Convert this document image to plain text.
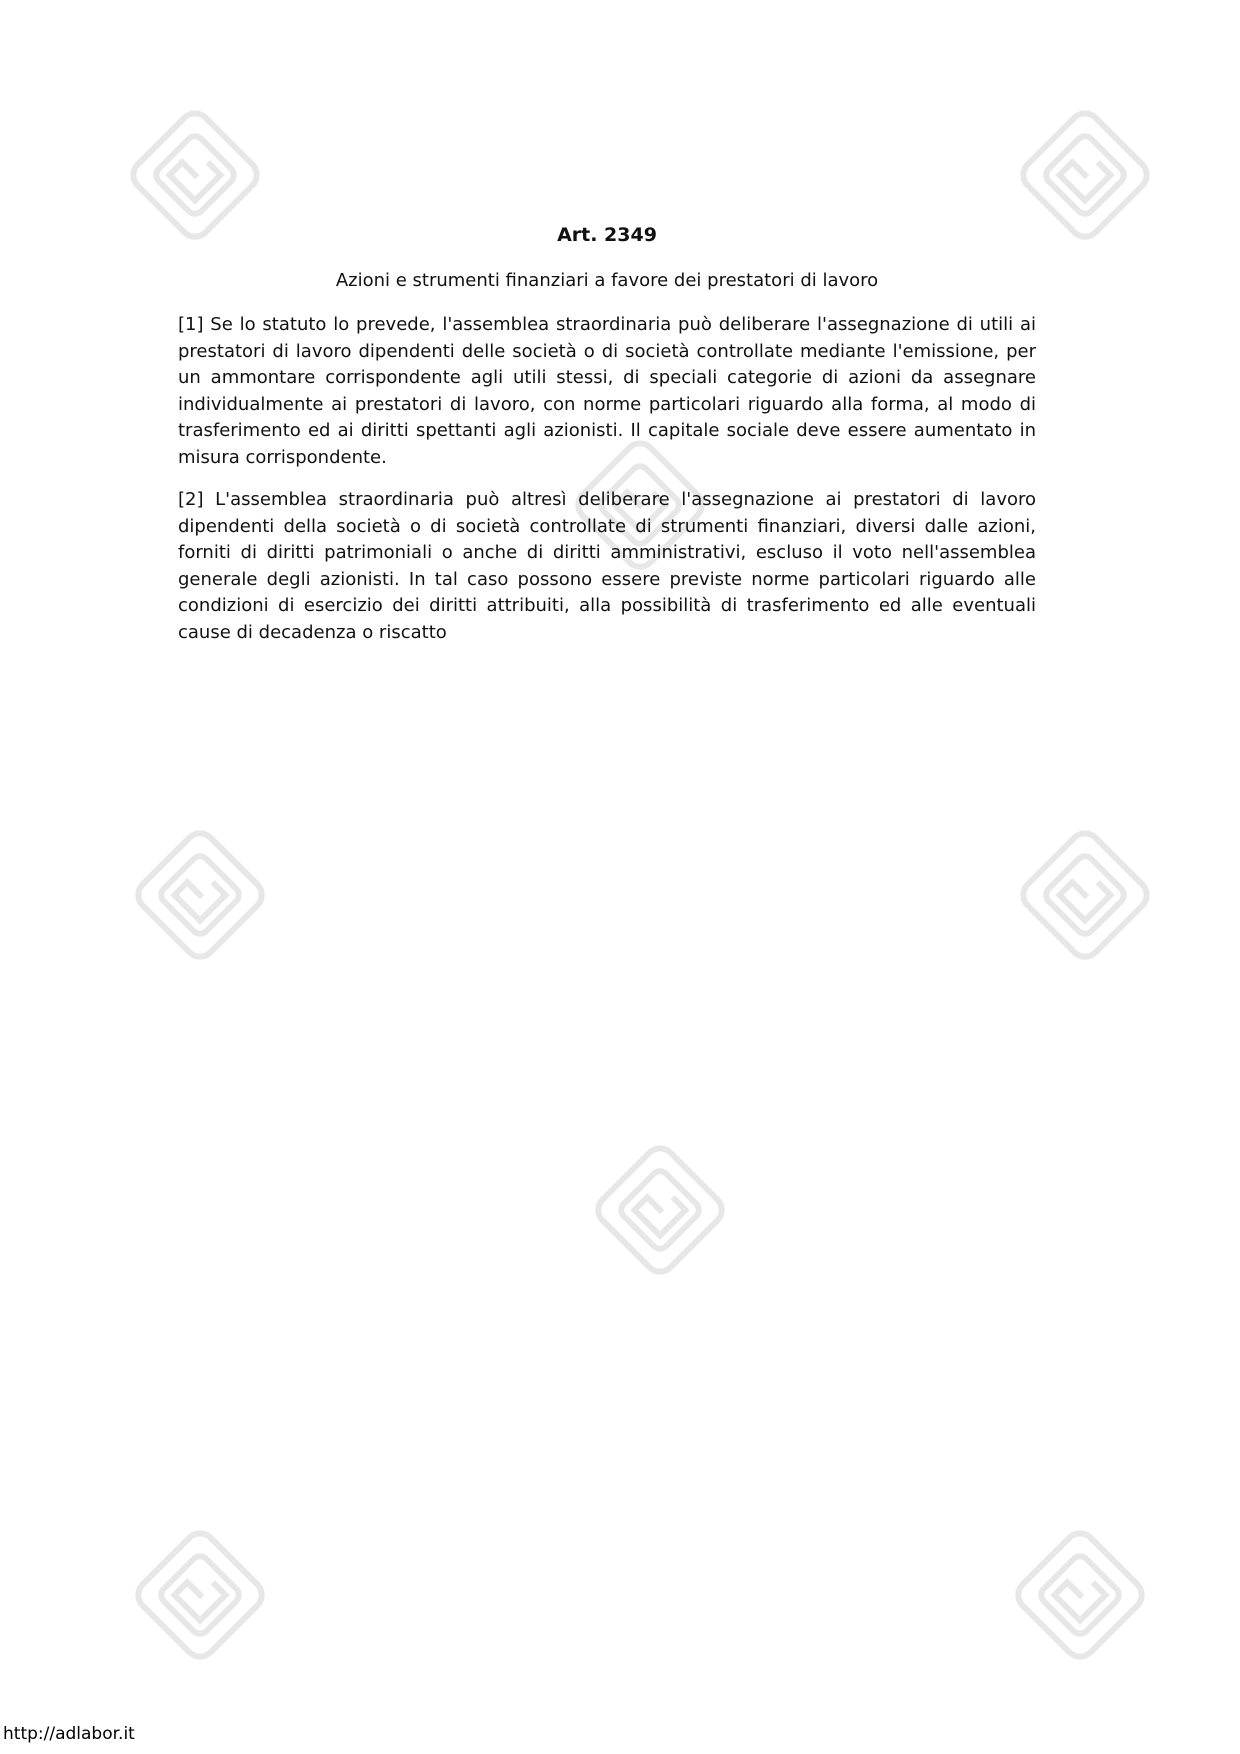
Art. 2349
Azioni e strumenti finanziari a favore dei prestatori di lavoro

[1] Se lo statuto lo prevede, l'assemblea straordinaria può deliberare l'assegnazione di utili ai prestatori di lavoro dipendenti delle società o di società controllate mediante l'emissione, per un ammontare corrispondente agli utili stessi, di speciali categorie di azioni da assegnare individualmente ai prestatori di lavoro, con norme particolari riguardo alla forma, al modo di trasferimento ed ai diritti spettanti agli azionisti. Il capitale sociale deve essere aumentato in misura corrispondente.

[2] L'assemblea straordinaria può altresì deliberare l'assegnazione ai prestatori di lavoro dipendenti della società o di società controllate di strumenti finanziari, diversi dalle azioni, forniti di diritti patrimoniali o anche di diritti amministrativi, escluso il voto nell'assemblea generale degli azionisti. In tal caso possono essere previste norme particolari riguardo alle condizioni di esercizio dei diritti attribuiti, alla possibilità di trasferimento ed alle eventuali cause di decadenza o riscatto

http://adlabor.it
